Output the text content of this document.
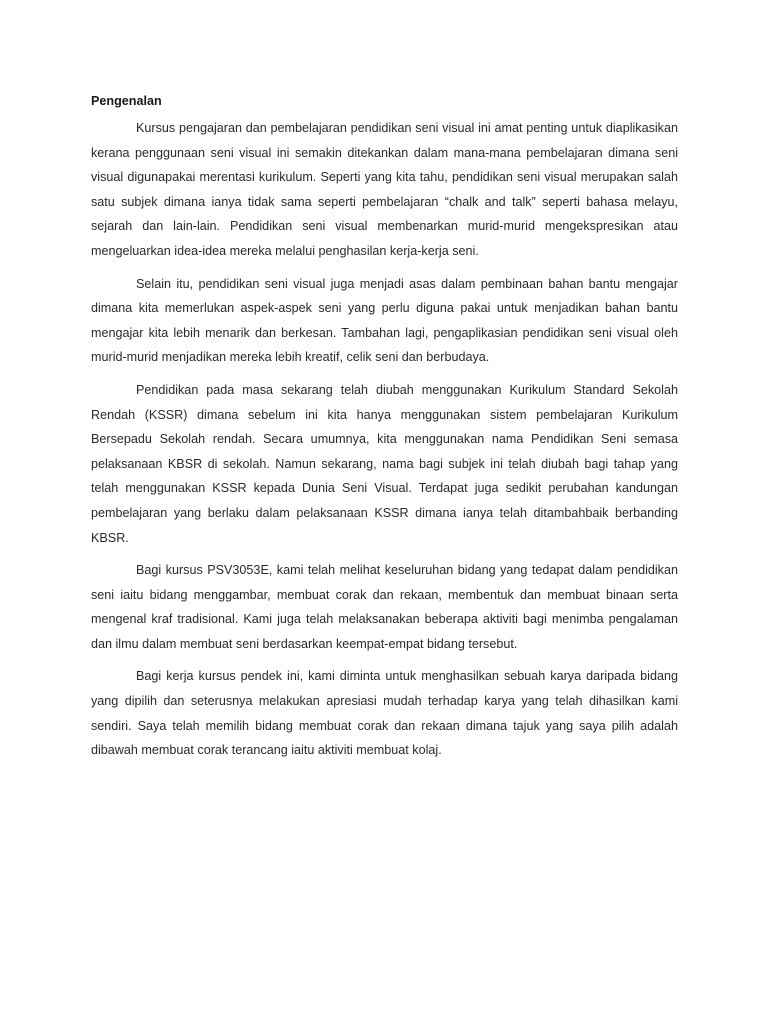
Pengenalan

Kursus pengajaran dan pembelajaran pendidikan seni visual ini amat penting untuk diaplikasikan kerana penggunaan seni visual ini semakin ditekankan dalam mana-mana pembelajaran dimana seni visual digunapakai merentasi kurikulum. Seperti yang kita tahu, pendidikan seni visual merupakan salah satu subjek dimana ianya tidak sama seperti pembelajaran “chalk and talk” seperti bahasa melayu, sejarah dan lain-lain. Pendidikan seni visual membenarkan murid-murid mengekspresikan atau mengeluarkan idea-idea mereka melalui penghasilan kerja-kerja seni.

Selain itu, pendidikan seni visual juga menjadi asas dalam pembinaan bahan bantu mengajar dimana kita memerlukan aspek-aspek seni yang perlu diguna pakai untuk menjadikan bahan bantu mengajar kita lebih menarik dan berkesan. Tambahan lagi, pengaplikasian pendidikan seni visual oleh murid-murid menjadikan mereka lebih kreatif, celik seni dan berbudaya.

Pendidikan pada masa sekarang telah diubah menggunakan Kurikulum Standard Sekolah Rendah (KSSR) dimana sebelum ini kita hanya menggunakan sistem pembelajaran Kurikulum Bersepadu Sekolah rendah. Secara umumnya, kita menggunakan nama Pendidikan Seni semasa pelaksanaan KBSR di sekolah. Namun sekarang, nama bagi subjek ini telah diubah bagi tahap yang telah menggunakan KSSR kepada Dunia Seni Visual. Terdapat juga sedikit perubahan kandungan pembelajaran yang berlaku dalam pelaksanaan KSSR dimana ianya telah ditambahbaik berbanding KBSR.

Bagi kursus PSV3053E, kami telah melihat keseluruhan bidang yang tedapat dalam pendidikan seni iaitu bidang menggambar, membuat corak dan rekaan, membentuk dan membuat binaan serta mengenal kraf tradisional. Kami juga telah melaksanakan beberapa aktiviti bagi menimba pengalaman dan ilmu dalam membuat seni berdasarkan keempat-empat bidang tersebut.

Bagi kerja kursus pendek ini, kami diminta untuk menghasilkan sebuah karya daripada bidang yang dipilih dan seterusnya melakukan apresiasi mudah terhadap karya yang telah dihasilkan kami sendiri. Saya telah memilih bidang membuat corak dan rekaan dimana tajuk yang saya pilih adalah dibawah membuat corak terancang iaitu aktiviti membuat kolaj.
